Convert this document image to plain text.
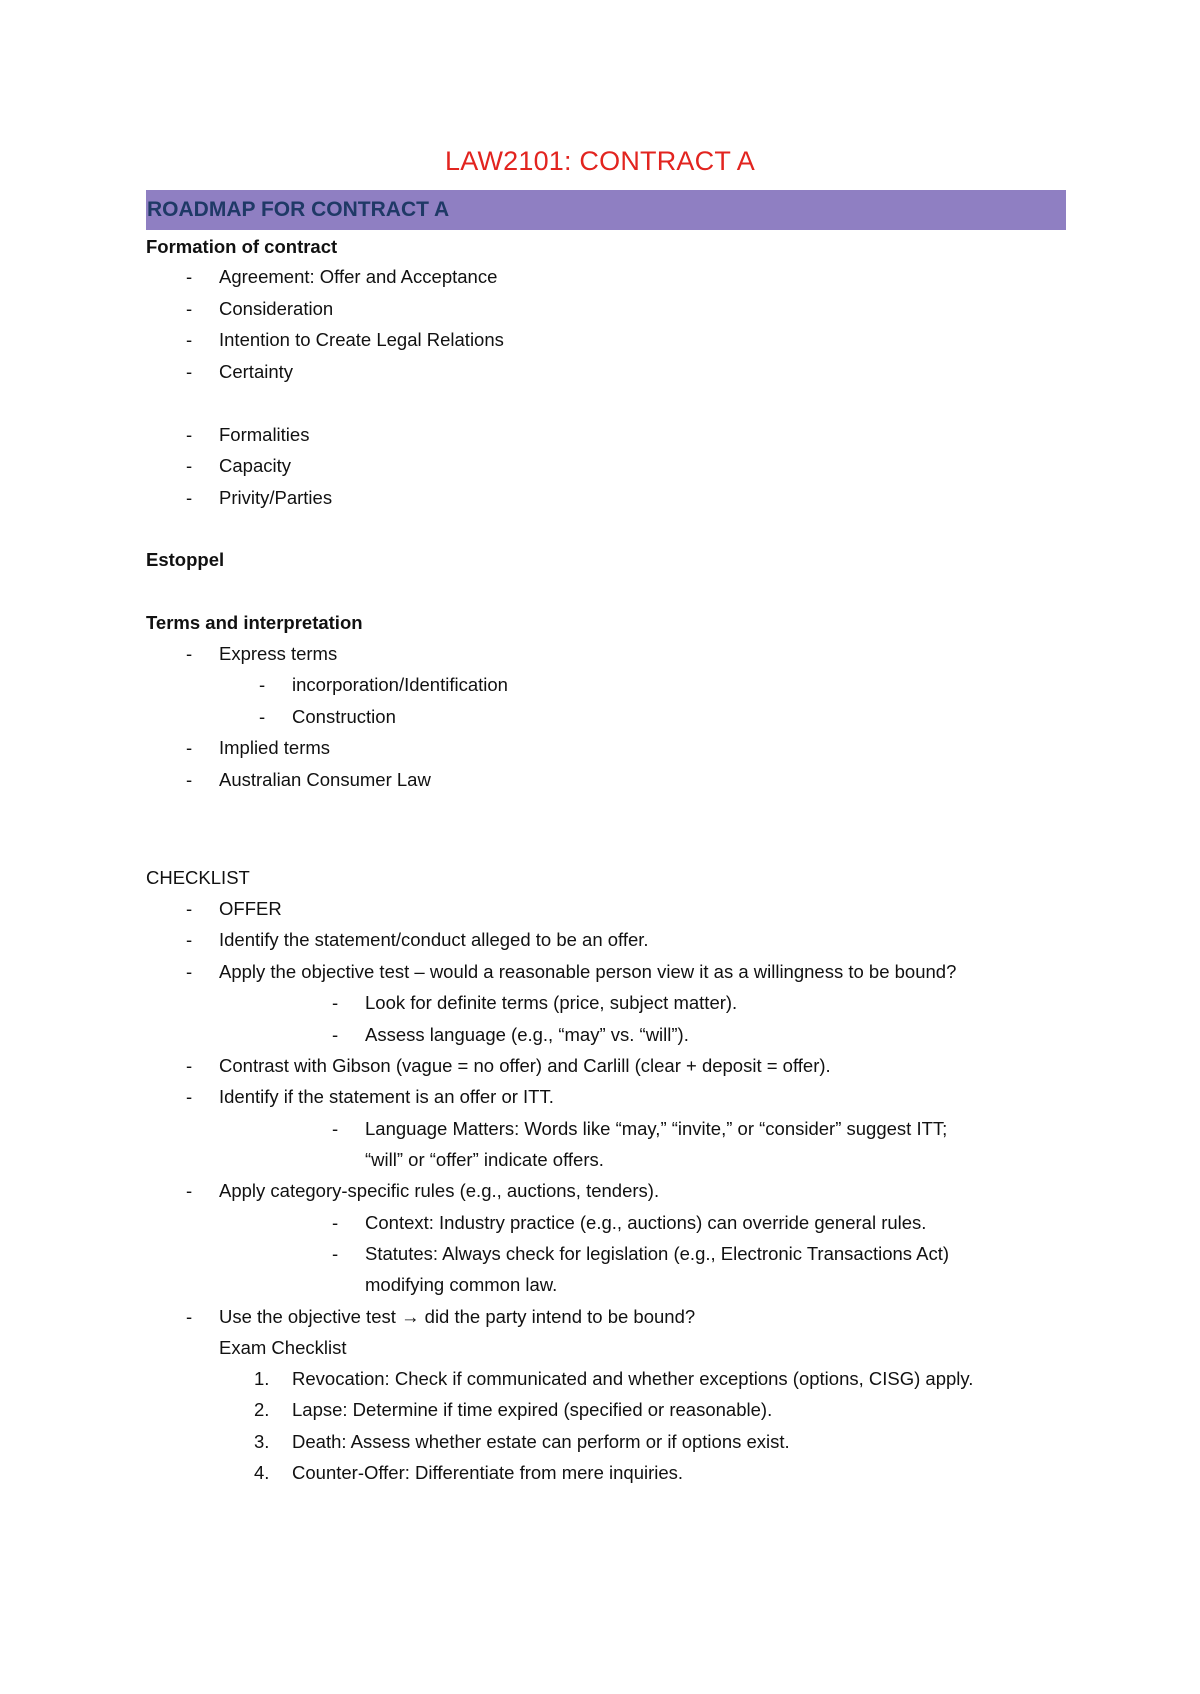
LAW2101: CONTRACT A
ROADMAP FOR CONTRACT A
Formation of contract
- Agreement: Offer and Acceptance
- Consideration
- Intention to Create Legal Relations
- Certainty
- Formalities
- Capacity
- Privity/Parties
Estoppel
Terms and interpretation
- Express terms
- incorporation/Identification
- Construction
- Implied terms
- Australian Consumer Law
CHECKLIST
- OFFER
- Identify the statement/conduct alleged to be an offer.
- Apply the objective test – would a reasonable person view it as a willingness to be bound?
- Look for definite terms (price, subject matter).
- Assess language (e.g., “may” vs. “will”).
- Contrast with Gibson (vague = no offer) and Carlill (clear + deposit = offer).
- Identify if the statement is an offer or ITT.
- Language Matters: Words like “may,” “invite,” or “consider” suggest ITT;
“will” or “offer” indicate offers.
- Apply category-specific rules (e.g., auctions, tenders).
- Context: Industry practice (e.g., auctions) can override general rules.
- Statutes: Always check for legislation (e.g., Electronic Transactions Act)
modifying common law.
- Use the objective test → did the party intend to be bound?
Exam Checklist
1. Revocation: Check if communicated and whether exceptions (options, CISG) apply.
2. Lapse: Determine if time expired (specified or reasonable).
3. Death: Assess whether estate can perform or if options exist.
4. Counter-Offer: Differentiate from mere inquiries.
